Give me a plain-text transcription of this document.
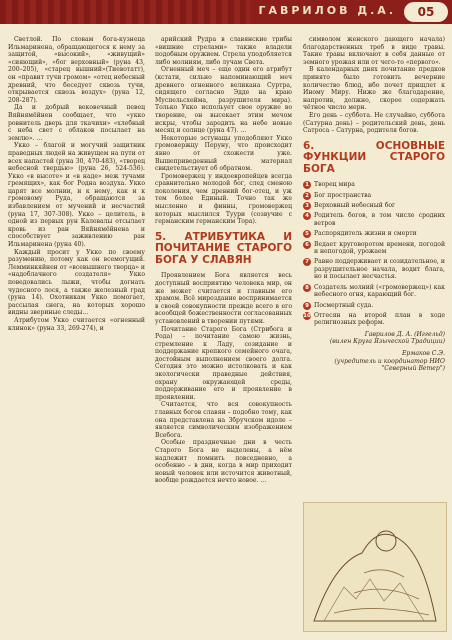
ГАВРИЛОВ Д.А.	05

Светлой. По словам бога-кузнеца Ильмаринена, обращающегося к нему за защитой, «высокий», «живущий» «сияющий», «бог верховный» (руна 43, 200–205), «старец вышний»(Тиевотатт), он «правит тучи громом» «отец небесный древний, что беседует сквозь тучи, открывается сквозь воздух» (руна 12, 208-287).

Да и добрый вековечный певец Вяйнямёйнен сообщает, что «укко ровнитель дверь для ткачихи» «хлебный с неба свет с облаков посылает на землю». ...

Укко – благой и могучий защитник праведных людей на живущем на пути от всех напастей (руна 30, 470-483), «творец небесной твердью» (руна 26, 524-536). Укко «в высоте» и «в наде» меж тучами гремящих», как бог Родна воздуха. Укко царят все молнии, и к нему, как и к громовому Руда, обращаются за избавлением от мучений и несчастий (руна 17, 307-308). Укко – целитель, в одной из первых рун Калевалы отсылает кровь из ран Вяйнямёйнена и способствует заживлению ран Ильмаринена (руна 40).

Каждый просит у Укко по своему разумению, потому как он всемогущий. Лемминкяйнен от «всевышнего творца» и «надоблачного создателя» Укко поведовались лыжи, чтобы догнать чудесного лося, а также железный град (руна 14). Охотникам Укко помогает, рассылая снега, на которых хорошо видны звериные следы...

Атрибутом Укко считается «огненный клинок» (руна 33, 269-274), и

арийский Рудра в славянские трибы «вишние стрелами» также владели подобным оружием. Стрела уподобляется либо молниям, либо лучам Света.

Огненный меч – еще один его атрибут (кстати, сильно напоминающий меч древнего огненного великана Суртра, сидящего согласно Эдде на краю Муспельсхейма, разрушителя мира). Только Укко испольует свое оружие во творение, он высекает этим мечом искры, чтобы зародить на небе новые месяц и солнце (руна 47). ...

Некоторые эстунацы уподобляют Укко громовержцу Перуну, что происходит явно от схожести уже. Вышеприведенный материал свидетельствует об обратном.

Громовержец у индоевропейцев всегда сравнительно молодой бог, след сменою поколения, чем древний бог-отец, и уж тем более Единый. Точно так же мысленно и финны, громовержец которых мыслился Туури (созвучие с германским германским Тора).

5. АТРИБУТИКА И ПОЧИТАНИЕ СТАРОГО БОГА У СЛАВЯН

Проявлением Бога является весь доступный восприятию человека мир, он же может считается и главным его храмом. Всё мироздание воспринимается в своей совокупности прежде всего в его всеобщей божественности согласованных установлений в творении путями.

Почитание Старого Бога (Стрибога и Рода) – почитание самою жизнь, стремление к Ладу, созидание и поддержание крепкого семейного очага, достойным выполнением своего долга. Сегодня это можно истолковать и как экологически праведные действия, охрану окружающей среды, поддерживание его и проявление в проявлении.

Считается, что вся совокупность главных богов славян – подобно тому, как она представлена на Збручском идоле – является символическим изображением Всебога.

Особые празднечные дни в честь Старого Бога не выделены, а нём надлежит помнить повседневно, а особенно – в дни, когда в мир приходит новый человек или источится животный, вообще рождается нечто новое. ...

символом женского дающего начала) благодарственных треб в виде травы. Такие травы включают в себя данные от земного урожая или от чего-то «первого».

В календарных днях почитание предков принято было готовить вечерние количество блюд, ибо почет прищлет к Иному Миру. Ниже же благодарение, напротив, должно, скорее содержать чётное число мерн.

Его день – суббота. Не случайно, суббота (Сатурна день) – родительский день, день Сатроса – Сатурна, родителя богов.

6. ОСНОВНЫЕ ФУНКЦИИ СТАРОГО БОГА
1 Творец мира
2 Бог пространства
3 Верховный небесный бог
4 Родитель богов, в том числе сродних ветров
5 Распорядитель жизни и смерти
6 Ведает круговоротом времени, погодой и непогодой, урожаем
7 Равно поддерживает и созидательное, и разрушительное начала, водит блага, но и посылает несчастья.
8 Создатель молний («громовержец») как небесного огня, карающий бог.
9 Посмертный суда.
10 Отгесян на второй план в ходе религиозных реформ.
Гаврилов Д. А. (Иггельд)
(вилен Круга Языческой Традиции)
Ермаков С.Э.
(учредитель и координатор НИО "Северный Ветер")
